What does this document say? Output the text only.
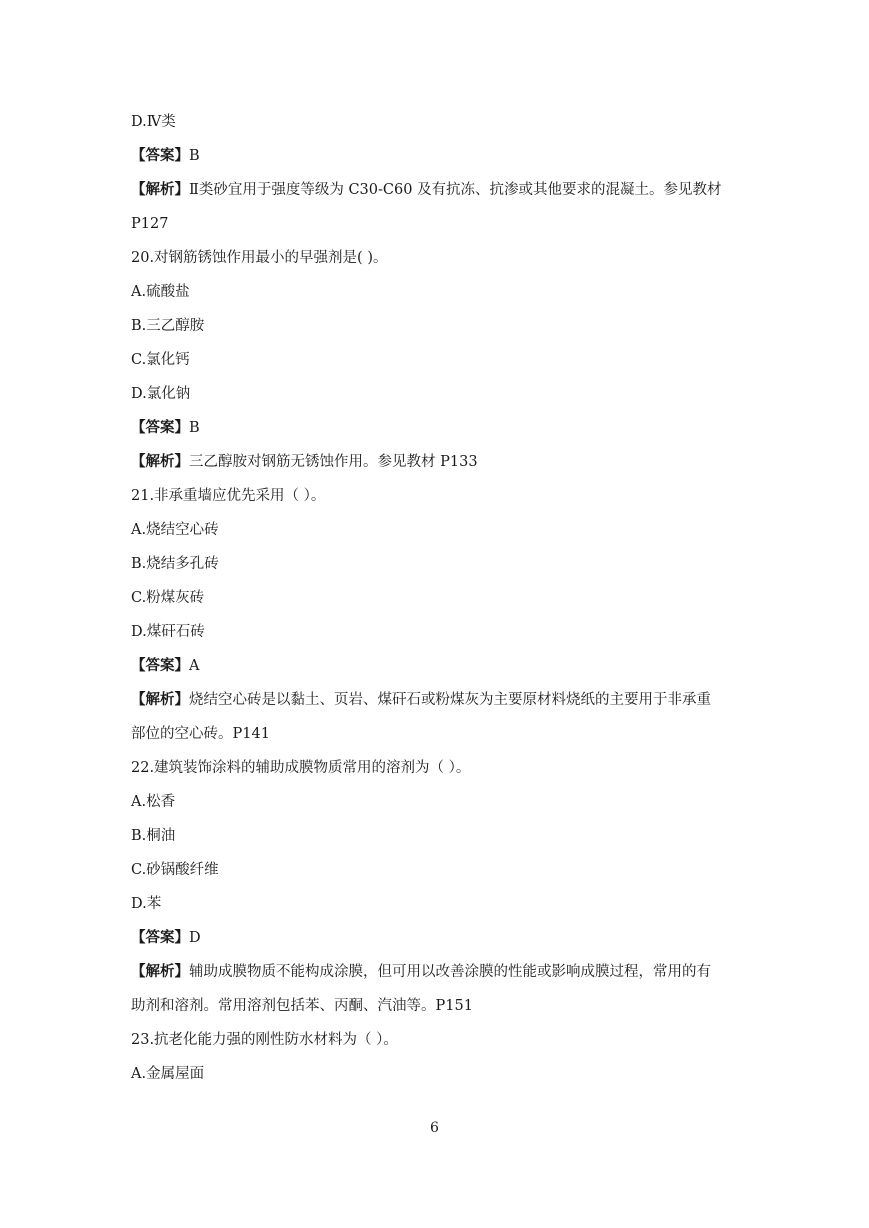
D.Ⅳ类
【答案】B
【解析】Ⅱ类砂宜用于强度等级为 C30-C60 及有抗冻、抗渗或其他要求的混凝土。参见教材
P127
20.对钢筋锈蚀作用最小的早强剂是( )。
A.硫酸盐
B.三乙醇胺
C.氯化钙
D.氯化钠
【答案】B
【解析】三乙醇胺对钢筋无锈蚀作用。参见教材 P133
21.非承重墙应优先采用（ ）。
A.烧结空心砖
B.烧结多孔砖
C.粉煤灰砖
D.煤矸石砖
【答案】A
【解析】烧结空心砖是以黏土、页岩、煤矸石或粉煤灰为主要原材料烧纸的主要用于非承重
部位的空心砖。P141
22.建筑装饰涂料的辅助成膜物质常用的溶剂为（ ）。
A.松香
B.桐油
C.砂锅酸纤维
D.苯
【答案】D
【解析】辅助成膜物质不能构成涂膜，但可用以改善涂膜的性能或影响成膜过程，常用的有
助剂和溶剂。常用溶剂包括苯、丙酮、汽油等。P151
23.抗老化能力强的刚性防水材料为（ ）。
A.金属屋面
6
